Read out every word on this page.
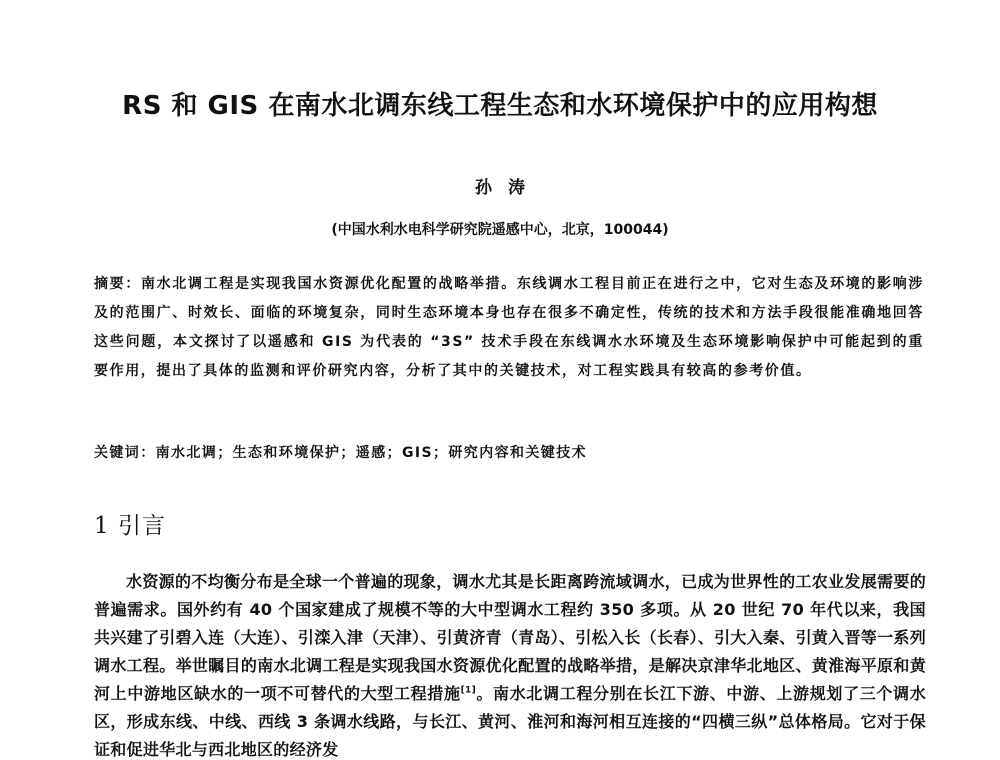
RS 和 GIS 在南水北调东线工程生态和水环境保护中的应用构想
孙 涛
(中国水利水电科学研究院遥感中心，北京，100044)
摘要：南水北调工程是实现我国水资源优化配置的战略举措。东线调水工程目前正在进行之中，它对生态及环境的影响涉及的范围广、时效长、面临的环境复杂，同时生态环境本身也存在很多不确定性，传统的技术和方法手段很能准确地回答这些问题，本文探讨了以遥感和 GIS 为代表的 “3S” 技术手段在东线调水水环境及生态环境影响保护中可能起到的重要作用，提出了具体的监测和评价研究内容，分析了其中的关键技术，对工程实践具有较高的参考价值。
关键词：南水北调；生态和环境保护；遥感；GIS；研究内容和关键技术
1 引言
水资源的不均衡分布是全球一个普遍的现象，调水尤其是长距离跨流域调水，已成为世界性的工农业发展需要的普遍需求。国外约有 40 个国家建成了规模不等的大中型调水工程约 350 多项。从 20 世纪 70 年代以来，我国共兴建了引碧入连（大连）、引滦入津（天津）、引黄济青（青岛）、引松入长（长春）、引大入秦、引黄入晋等一系列调水工程。举世瞩目的南水北调工程是实现我国水资源优化配置的战略举措，是解决京津华北地区、黄淮海平原和黄河上中游地区缺水的一项不可替代的大型工程措施[1]。南水北调工程分别在长江下游、中游、上游规划了三个调水区，形成东线、中线、西线 3 条调水线路，与长江、黄河、淮河和海河相互连接的“四横三纵”总体格局。它对于保证和促进华北与西北地区的经济发
